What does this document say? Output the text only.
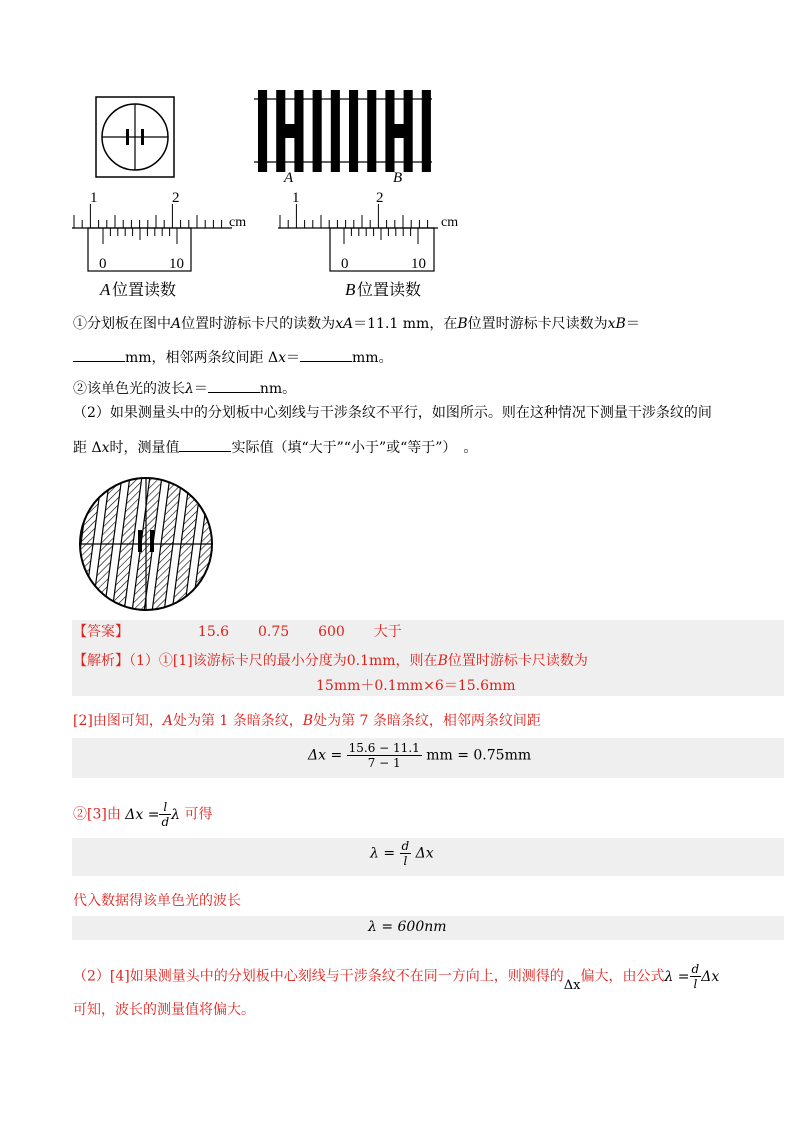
A	B
1	2
cm
0	10
1	2
cm
0	10
A 位置读数	B 位置读数
①分划板在图中A位置时游标卡尺的读数为xA＝11.1 mm，在B位置时游标卡尺读数为xB＝
mm，相邻两条纹间距 Δx＝	mm。
②该单色光的波长λ＝	nm。
（2）如果测量头中的分划板中心刻线与干涉条纹不平行，如图所示。则在这种情况下测量干涉条纹的间
距 Δx时，测量值	实际值（填“大于”“小于”或“等于”）　。
【答案】	15.6 0.75 600 大于
【解析】（1）①[1]该游标卡尺的最小分度为0.1mm，则在B位置时游标卡尺读数为
15mm＋0.1mm×6＝15.6mm
[2]由图可知，A处为第 1 条暗条纹，B处为第 7 条暗条纹，相邻两条纹间距
$\Delta x = \frac{15.6 - 11.1}{7 - 1}$ mm = 0.75mm
②[3]由 $\Delta x = \frac{l}{d}$ λ 可得
$\lambda = \frac{d}{l}$ Δx
代入数据得该单色光的波长
λ = 600nm
（2）[4]如果测量头中的分划板中心刻线与干涉条纹不在同一方向上，则测得的Δx偏大，由公式$\lambda = \frac{d}{l}$ Δx
可知，波长的测量值将偏大。
